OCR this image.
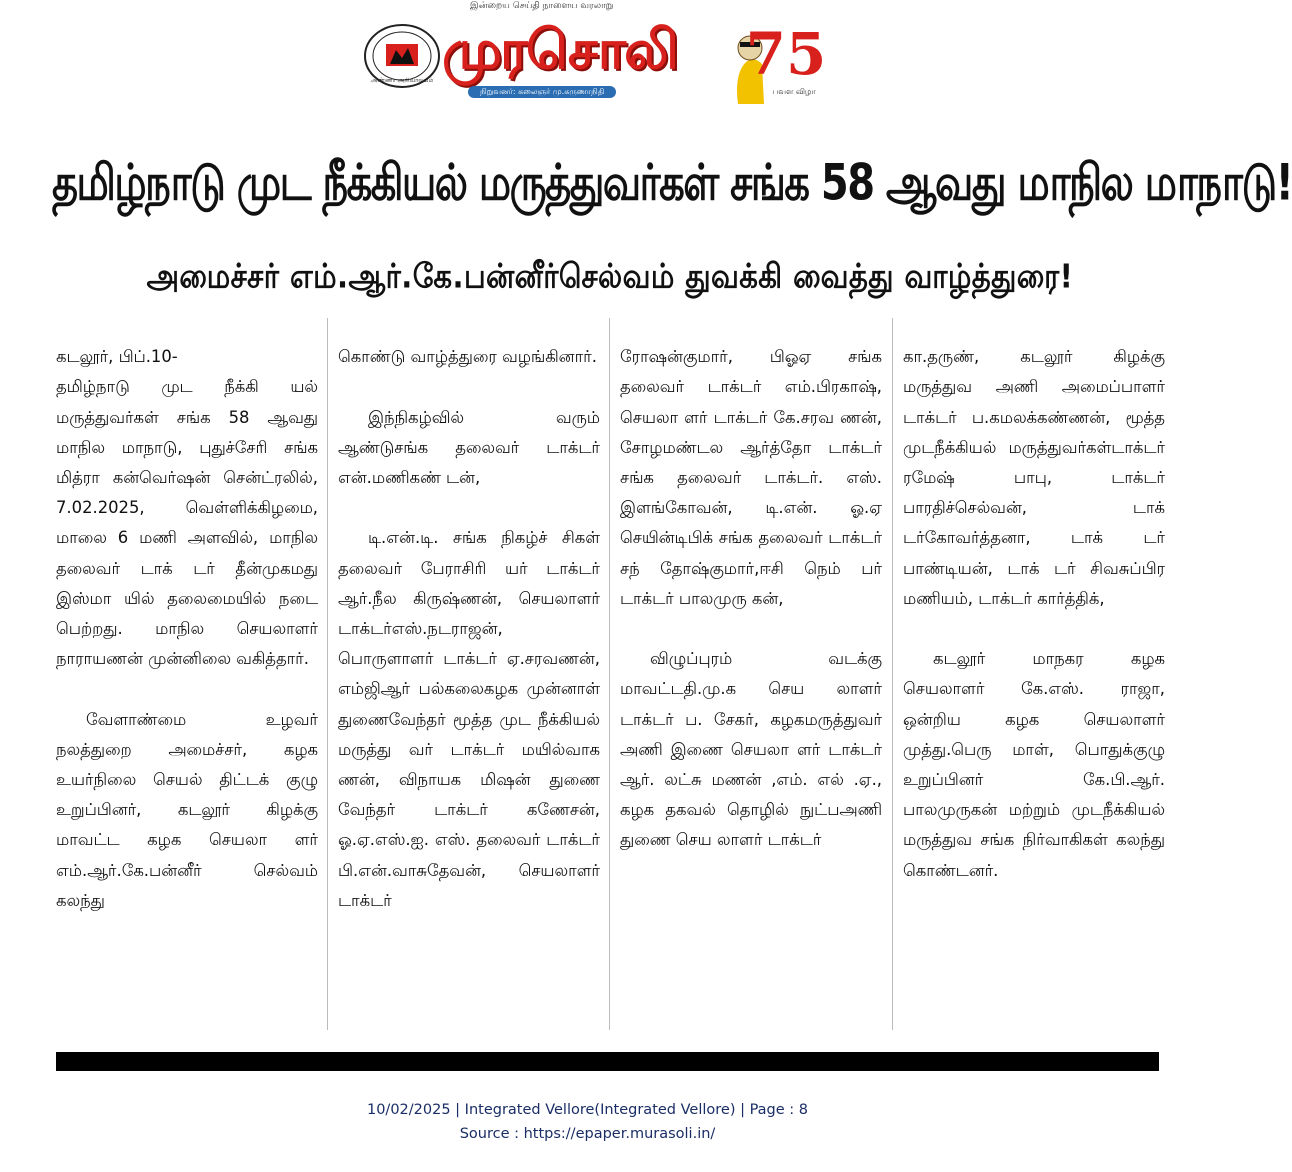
இன்றைய செய்தி நாளைய வரலாறு
அண்ணா அறிவாலயம் முரசொலி
நிறுவனர்: கலைஞர் மு.கருணாநிதி
75
பவள விழா
தமிழ்நாடு முட நீக்கியல் மருத்துவர்கள் சங்க 58 ஆவது மாநில மாநாடு!
அமைச்சர் எம்.ஆர்.கே.பன்னீர்செல்வம் துவக்கி வைத்து வாழ்த்துரை!

கடலூர், பிப்.10-
தமிழ்நாடு முட நீக்கி யல் மருத்துவர்கள் சங்க 58 ஆவது மாநில மாநாடு, புதுச்சேரி சங்க மித்ரா கன்வெர்ஷன் சென்ட்ரலில், 7.02.2025, வெள்ளிக்கிழமை, மாலை 6 மணி அளவில், மாநில தலைவர் டாக் டர் தீன்முகமது இஸ்மா யில் தலைமையில் நடை பெற்றது. மாநில செயலாளர் நாராயணன் முன்னிலை வகித்தார்.

வேளாண்மை உழவர் நலத்துறை அமைச்சர், கழக உயர்நிலை செயல் திட்டக் குழு உறுப்பினர், கடலூர் கிழக்கு மாவட்ட கழக செயலா ளர் எம்.ஆர்.கே.பன்னீர் செல்வம் கலந்து

கொண்டு வாழ்த்துரை வழங்கினார்.

இந்நிகழ்வில் வரும் ஆண்டுசங்க தலைவர் டாக்டர் என்.மணிகண் டன்,

டி.என்.டி. சங்க நிகழ்ச் சிகள் தலைவர் பேராசிரி யர் டாக்டர் ஆர்.நீல கிருஷ்ணன், செயலாளர் டாக்டர்எஸ்.நடராஜன், பொருளாளர் டாக்டர் ஏ.சரவணன், எம்ஜிஆர் பல்கலைகழக முன்னாள் துணைவேந்தர் மூத்த முட நீக்கியல் மருத்து வர் டாக்டர் மயில்வாக ணன், விநாயக மிஷன் துணை வேந்தர் டாக்டர் கணேசன், ஓ.ஏ.எஸ்.ஐ. எஸ். தலைவர் டாக்டர் பி.என்.வாசுதேவன், செயலாளர் டாக்டர்

ரோஷன்குமார், பிஓஏ சங்க தலைவர் டாக்டர் எம்.பிரகாஷ், செயலா ளர் டாக்டர் கே.சரவ ணன், சோழமண்டல ஆர்த்தோ டாக்டர் சங்க தலைவர் டாக்டர். எஸ். இளங்கோவன், டி.என். ஓ.ஏ செயின்டிபிக் சங்க தலைவர் டாக்டர் சந் தோஷ்குமார்,ஈசி நெம் பர் டாக்டர் பாலமுரு கன்,

விழுப்புரம் வடக்கு மாவட்டதி.மு.க செய லாளர் டாக்டர் ப. சேகர், கழகமருத்துவர் அணி இணை செயலா ளர் டாக்டர் ஆர். லட்சு மணன் ,எம். எல் .ஏ., கழக தகவல் தொழில் நுட்பஅணி துணை செய லாளர் டாக்டர்

கா.தருண், கடலூர் கிழக்கு மருத்துவ அணி அமைப்பாளர் டாக்டர் ப.கமலக்கண்ணன், மூத்த முடநீக்கியல் மருத்துவர்கள்டாக்டர் ரமேஷ் பாபு, டாக்டர் பாரதிச்செல்வன், டாக் டர்கோவர்த்தனா, டாக் டர் பாண்டியன், டாக் டர் சிவசுப்பிர மணியம், டாக்டர் கார்த்திக்,

கடலூர் மாநகர கழக செயலாளர் கே.எஸ். ராஜா, ஒன்றிய கழக செயலாளர் முத்து.பெரு மாள், பொதுக்குழு உறுப்பினர் கே.பி.ஆர். பாலமுருகன் மற்றும் முடநீக்கியல் மருத்துவ சங்க நிர்வாகிகள் கலந்து கொண்டனர்.

10/02/2025 | Integrated Vellore(Integrated Vellore) | Page : 8
Source : https://epaper.murasoli.in/
